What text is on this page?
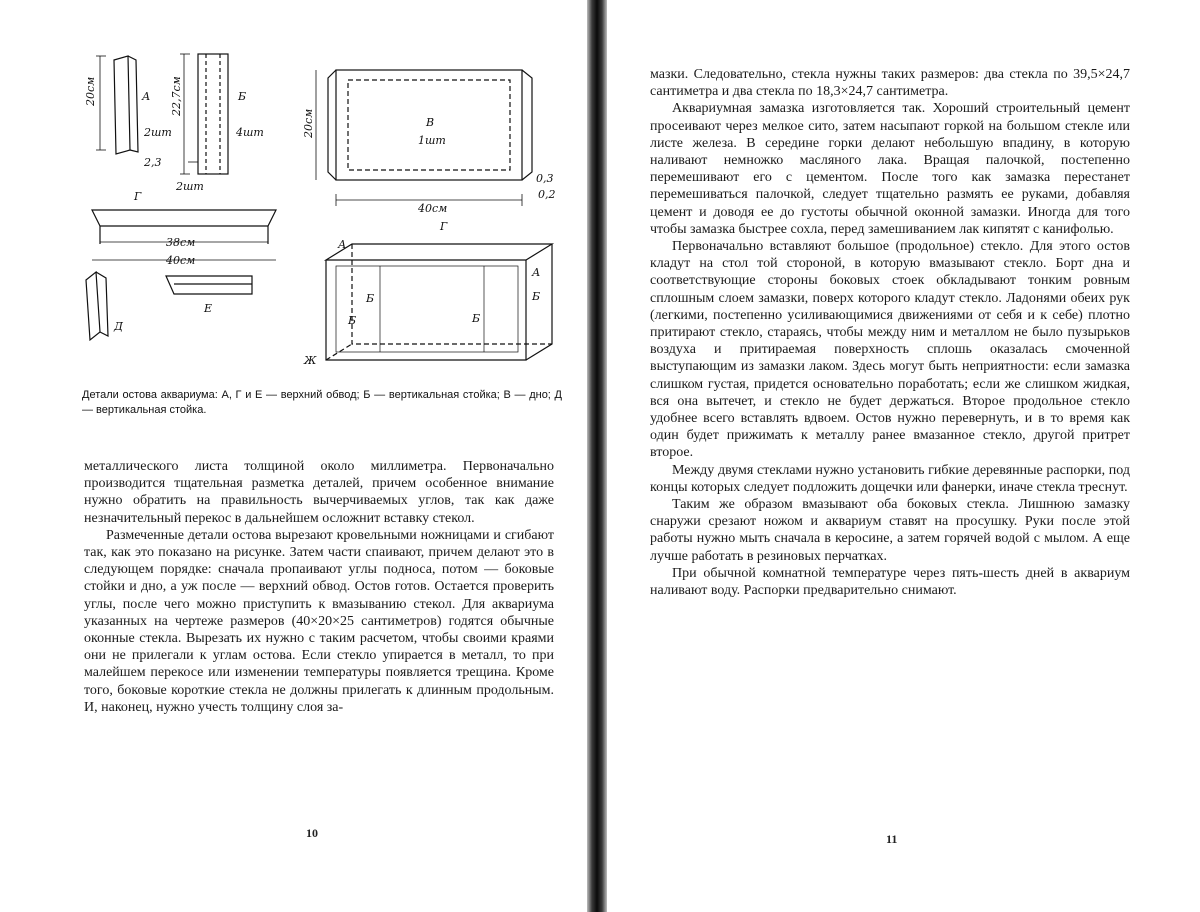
А
20см
2шт
22,7см	Б
4шт
2,3
2шт
Г
38см
40см
В
1шт
20см
40см
0,3
0,2
Д
Е
Г
А
А
Б	Б
Б	Б
Ж
Детали остова аквариума: А, Г и Е — верхний обвод; Б — вертикальная стойка; В — дно; Д — вертикальная стойка.

металлического листа толщиной около миллиметра. Первоначально производится тщательная разметка деталей, причем особенное внимание нужно обратить на правильность вычерчиваемых углов, так как даже незначительный перекос в дальнейшем осложнит вставку стекол.

Размеченные детали остова вырезают кровельными ножницами и сгибают так, как это показано на рисунке. Затем части спаивают, причем делают это в следующем порядке: сначала пропаивают углы подноса, потом — боковые стойки и дно, а уж после — верхний обвод. Остов готов. Остается проверить углы, после чего можно приступить к вмазыванию стекол. Для аквариума указанных на чертеже размеров (40×20×25 сантиметров) годятся обычные оконные стекла. Вырезать их нужно с таким расчетом, чтобы своими краями они не прилегали к углам остова. Если стекло упирается в металл, то при малейшем перекосе или изменении температуры появляется трещина. Кроме того, боковые короткие стекла не должны прилегать к длинным продольным. И, наконец, нужно учесть толщину слоя за-

10

мазки. Следовательно, стекла нужны таких размеров: два стекла по 39,5×24,7 сантиметра и два стекла по 18,3×24,7 сантиметра.

Аквариумная замазка изготовляется так. Хороший строительный цемент просеивают через мелкое сито, затем насыпают горкой на большом стекле или листе железа. В середине горки делают небольшую впадину, в которую наливают немножко масляного лака. Вращая палочкой, постепенно перемешивают его с цементом. После того как замазка перестанет перемешиваться палочкой, следует тщательно размять ее руками, добавляя цемент и доводя ее до густоты обычной оконной замазки. Иногда для того чтобы замазка быстрее сохла, перед замешиванием лак кипятят с канифолью.

Первоначально вставляют большое (продольное) стекло. Для этого остов кладут на стол той стороной, в которую вмазывают стекло. Борт дна и соответствующие стороны боковых стоек обкладывают тонким ровным сплошным слоем замазки, поверх которого кладут стекло. Ладонями обеих рук (легкими, постепенно усиливающимися движениями от себя и к себе) плотно притирают стекло, стараясь, чтобы между ним и металлом не было пузырьков воздуха и притираемая поверхность сплошь оказалась смоченной выступающим из замазки лаком. Здесь могут быть неприятности: если замазка слишком густая, придется основательно поработать; если же слишком жидкая, вся она вытечет, и стекло не будет держаться. Второе продольное стекло удобнее всего вставлять вдвоем. Остов нужно перевернуть, и в то время как один будет прижимать к металлу ранее вмазанное стекло, другой притрет второе.

Между двумя стеклами нужно установить гибкие деревянные распорки, под концы которых следует подложить дощечки или фанерки, иначе стекла треснут.

Таким же образом вмазывают оба боковых стекла. Лишнюю замазку снаружи срезают ножом и аквариум ставят на просушку. Руки после этой работы нужно мыть сначала в керосине, а затем горячей водой с мылом. А еще лучше работать в резиновых перчатках.

При обычной комнатной температуре через пять-шесть дней в аквариум наливают воду. Распорки предварительно снимают.

11
